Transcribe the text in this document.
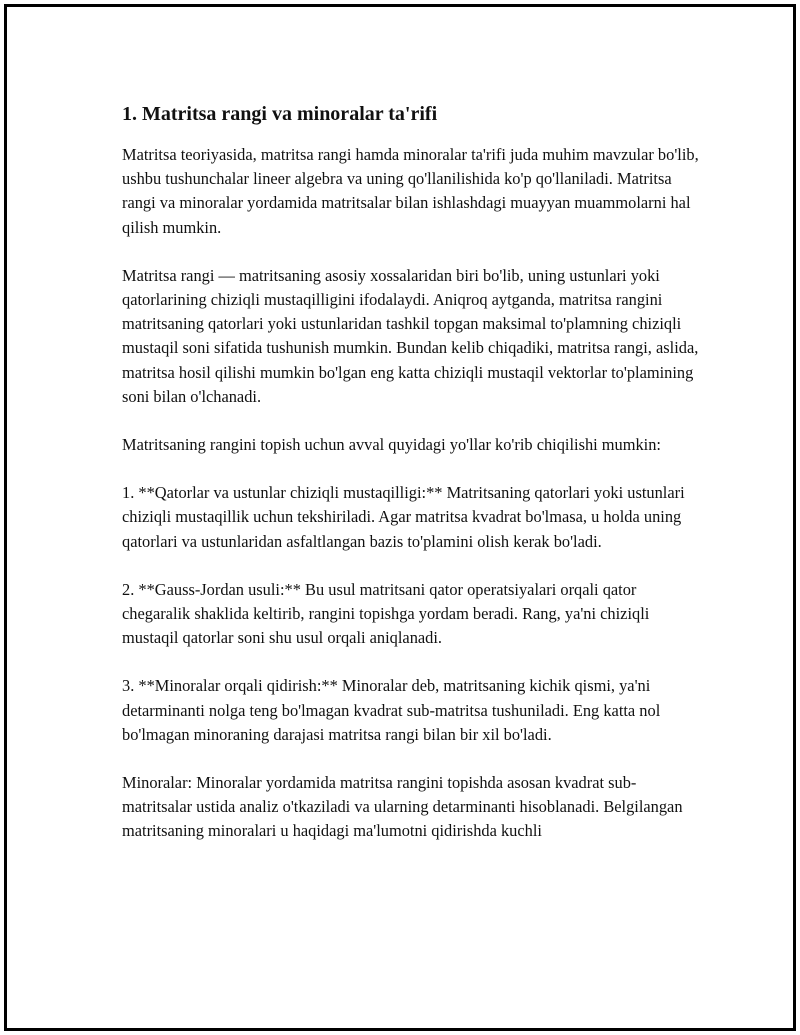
1. Matritsa rangi va minoralar ta'rifi

Matritsa teoriyasida, matritsa rangi hamda minoralar ta'rifi juda muhim mavzular bo'lib, ushbu tushunchalar lineer algebra va uning qo'llanilishida ko'p qo'llaniladi. Matritsa rangi va minoralar yordamida matritsalar bilan ishlashdagi muayyan muammolarni hal qilish mumkin.

Matritsa rangi — matritsaning asosiy xossalaridan biri bo'lib, uning ustunlari yoki qatorlarining chiziqli mustaqilligini ifodalaydi. Aniqroq aytganda, matritsa rangini matritsaning qatorlari yoki ustunlaridan tashkil topgan maksimal to'plamning chiziqli mustaqil soni sifatida tushunish mumkin. Bundan kelib chiqadiki, matritsa rangi, aslida, matritsa hosil qilishi mumkin bo'lgan eng katta chiziqli mustaqil vektorlar to'plamining soni bilan o'lchanadi.

Matritsaning rangini topish uchun avval quyidagi yo'llar ko'rib chiqilishi mumkin:

1. **Qatorlar va ustunlar chiziqli mustaqilligi:** Matritsaning qatorlari yoki ustunlari chiziqli mustaqillik uchun tekshiriladi. Agar matritsa kvadrat bo'lmasa, u holda uning qatorlari va ustunlaridan asfaltlangan bazis to'plamini olish kerak bo'ladi.

2. **Gauss-Jordan usuli:** Bu usul matritsani qator operatsiyalari orqali qator chegaralik shaklida keltirib, rangini topishga yordam beradi. Rang, ya'ni chiziqli mustaqil qatorlar soni shu usul orqali aniqlanadi.

3. **Minoralar orqali qidirish:** Minoralar deb, matritsaning kichik qismi, ya'ni detarminanti nolga teng bo'lmagan kvadrat sub-matritsa tushuniladi. Eng katta nol bo'lmagan minoraning darajasi matritsa rangi bilan bir xil bo'ladi.

Minoralar: Minoralar yordamida matritsa rangini topishda asosan kvadrat sub-matritsalar ustida analiz o'tkaziladi va ularning detarminanti hisoblanadi. Belgilangan matritsaning minoralari u haqidagi ma'lumotni qidirishda kuchli
